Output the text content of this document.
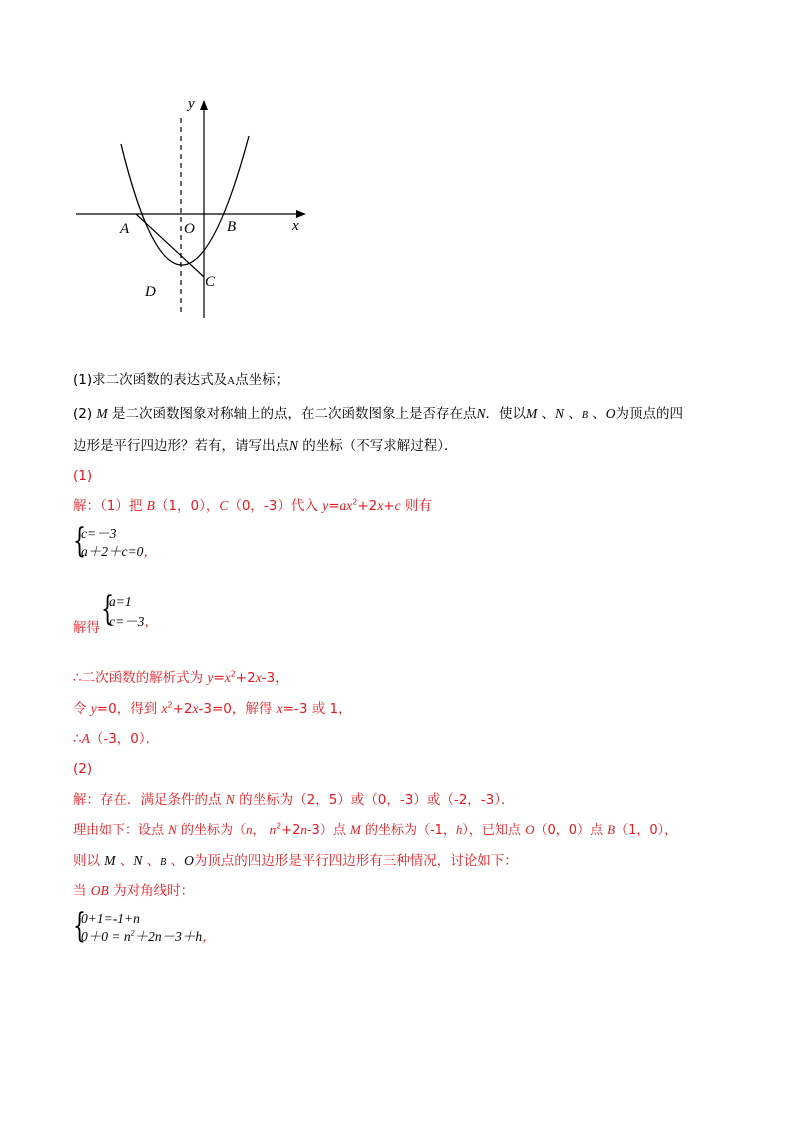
y
x
A	O B
C
D
(1)求二次函数的表达式及A点坐标；
(2) M 是二次函数图象对称轴上的点，在二次函数图象上是否存在点N．使以M 、N 、B 、O为顶点的四
边形是平行四边形？若有，请写出点N 的坐标（不写求解过程）．
(1)
解：（1）把 B（1，0），C（0，-3）代入 $y=ax^2+2x+c$ 则有
{
c=－3
a＋2＋c=0，
解得 {
a=1
c=－3，
∴二次函数的解析式为 $y=x^2+2x-3$，
令 y=0，得到 $x^2+2x-3=0$，解得 x=-3 或 1，
∴A（-3，0）．
(2)
解：存在．满足条件的点 N 的坐标为（2，5）或（0，-3）或（-2，-3）．
理由如下：设点 N 的坐标为（n， $n^2+2n-3$）点 M 的坐标为（-1，h），已知点 O（0，0）点 B（1，0），
则以 M 、N 、B 、O为顶点的四边形是平行四边形有三种情况，讨论如下：
当 OB 为对角线时：
{
0+1=-1+n
$0+0 = n^2+2n-3+h$，
